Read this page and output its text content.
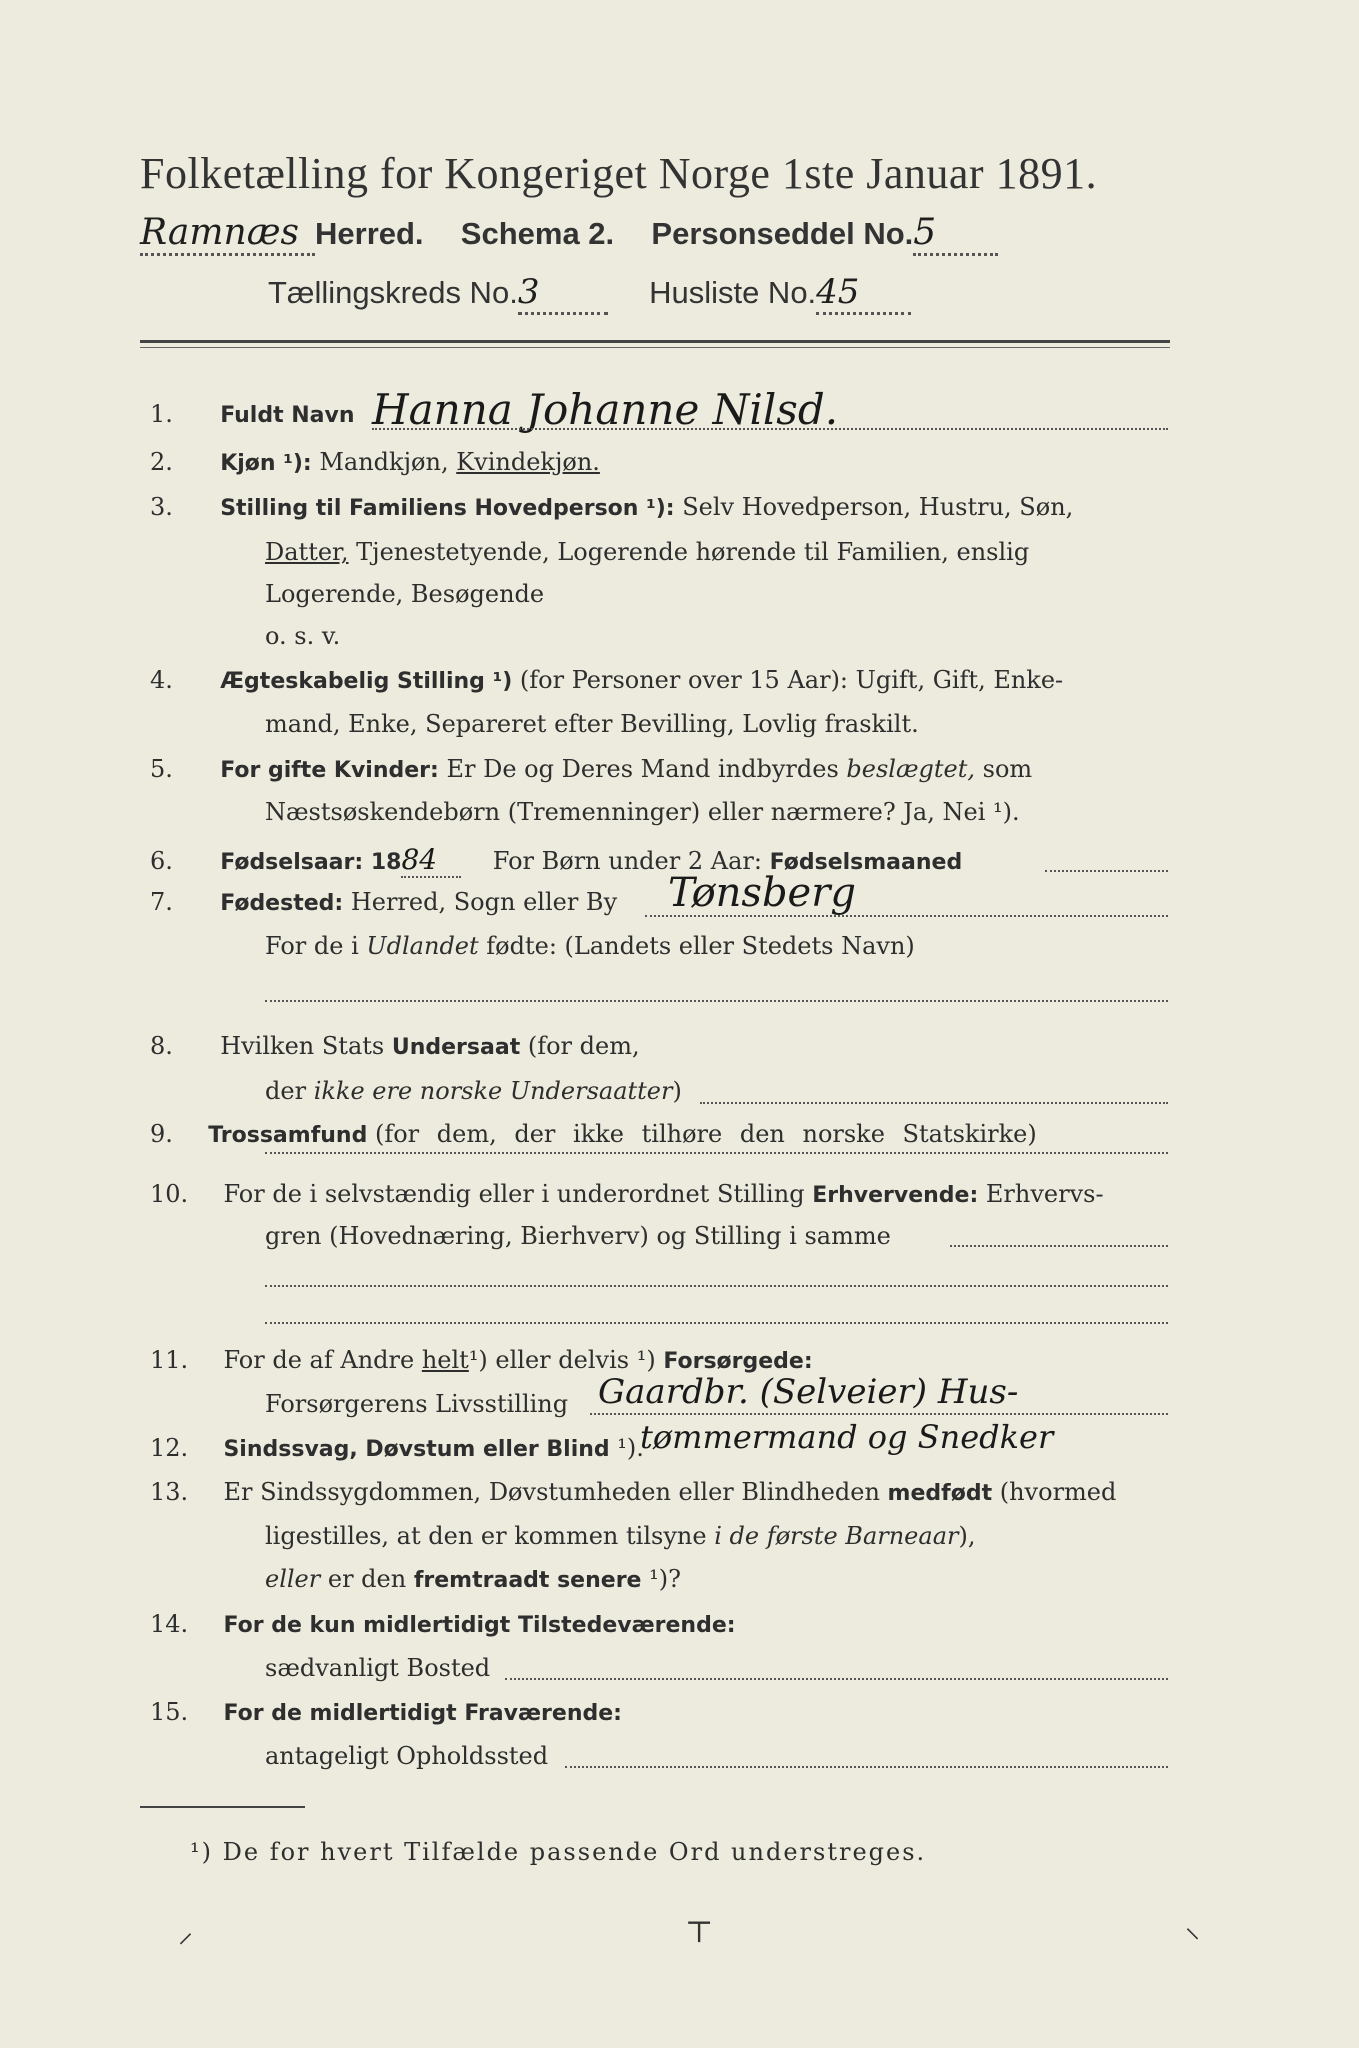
Folketælling for Kongeriget Norge 1ste Januar 1891.
Ramnæs Herred. Schema 2. Personseddel No.5
Tællingskreds No.3	Husliste No.45
1. Fuldt Navn Hanna Johanne Nilsd.
2. Kjøn ¹): Mandkjøn, Kvindekjøn.
3. Stilling til Familiens Hovedperson ¹): Selv Hovedperson, Hustru, Søn,
Datter, Tjenestetyende, Logerende hørende til Familien, enslig
Logerende, Besøgende
o. s. v.
4. Ægteskabelig Stilling ¹) (for Personer over 15 Aar): Ugift, Gift, Enke-
mand, Enke, Separeret efter Bevilling, Lovlig fraskilt.
5. For gifte Kvinder: Er De og Deres Mand indbyrdes beslægtet, som
Næstsøskendebørn (Tremenninger) eller nærmere? Ja, Nei ¹).
6. Fødselsaar: 1884 For Børn under 2 Aar: Fødselsmaaned
7. Fødested: Herred, Sogn eller By Tønsberg
For de i Udlandet fødte: (Landets eller Stedets Navn)
8. Hvilken Stats Undersaat (for dem,
der ikke ere norske Undersaatter)
9. Trossamfund (for dem, der ikke tilhøre den norske Statskirke)
10. For de i selvstændig eller i underordnet Stilling Erhvervende: Erhvervs-
gren (Hovednæring, Bierhverv) og Stilling i samme
11. For de af Andre helt¹) eller delvis ¹) Forsørgede:
Forsørgerens Livsstilling Gaardbr. (Selveier) Hus-
12. Sindssvag, Døvstum eller Blind ¹).
tømmermand og Snedker
13. Er Sindssygdommen, Døvstumheden eller Blindheden medfødt (hvormed
ligestilles, at den er kommen tilsyne i de første Barneaar),
eller er den fremtraadt senere ¹)?
14. For de kun midlertidigt Tilstedeværende:
sædvanligt Bosted
15. For de midlertidigt Fraværende:
antageligt Opholdssted
¹) De for hvert Tilfælde passende Ord understreges.
⸝	⊤	⸜
